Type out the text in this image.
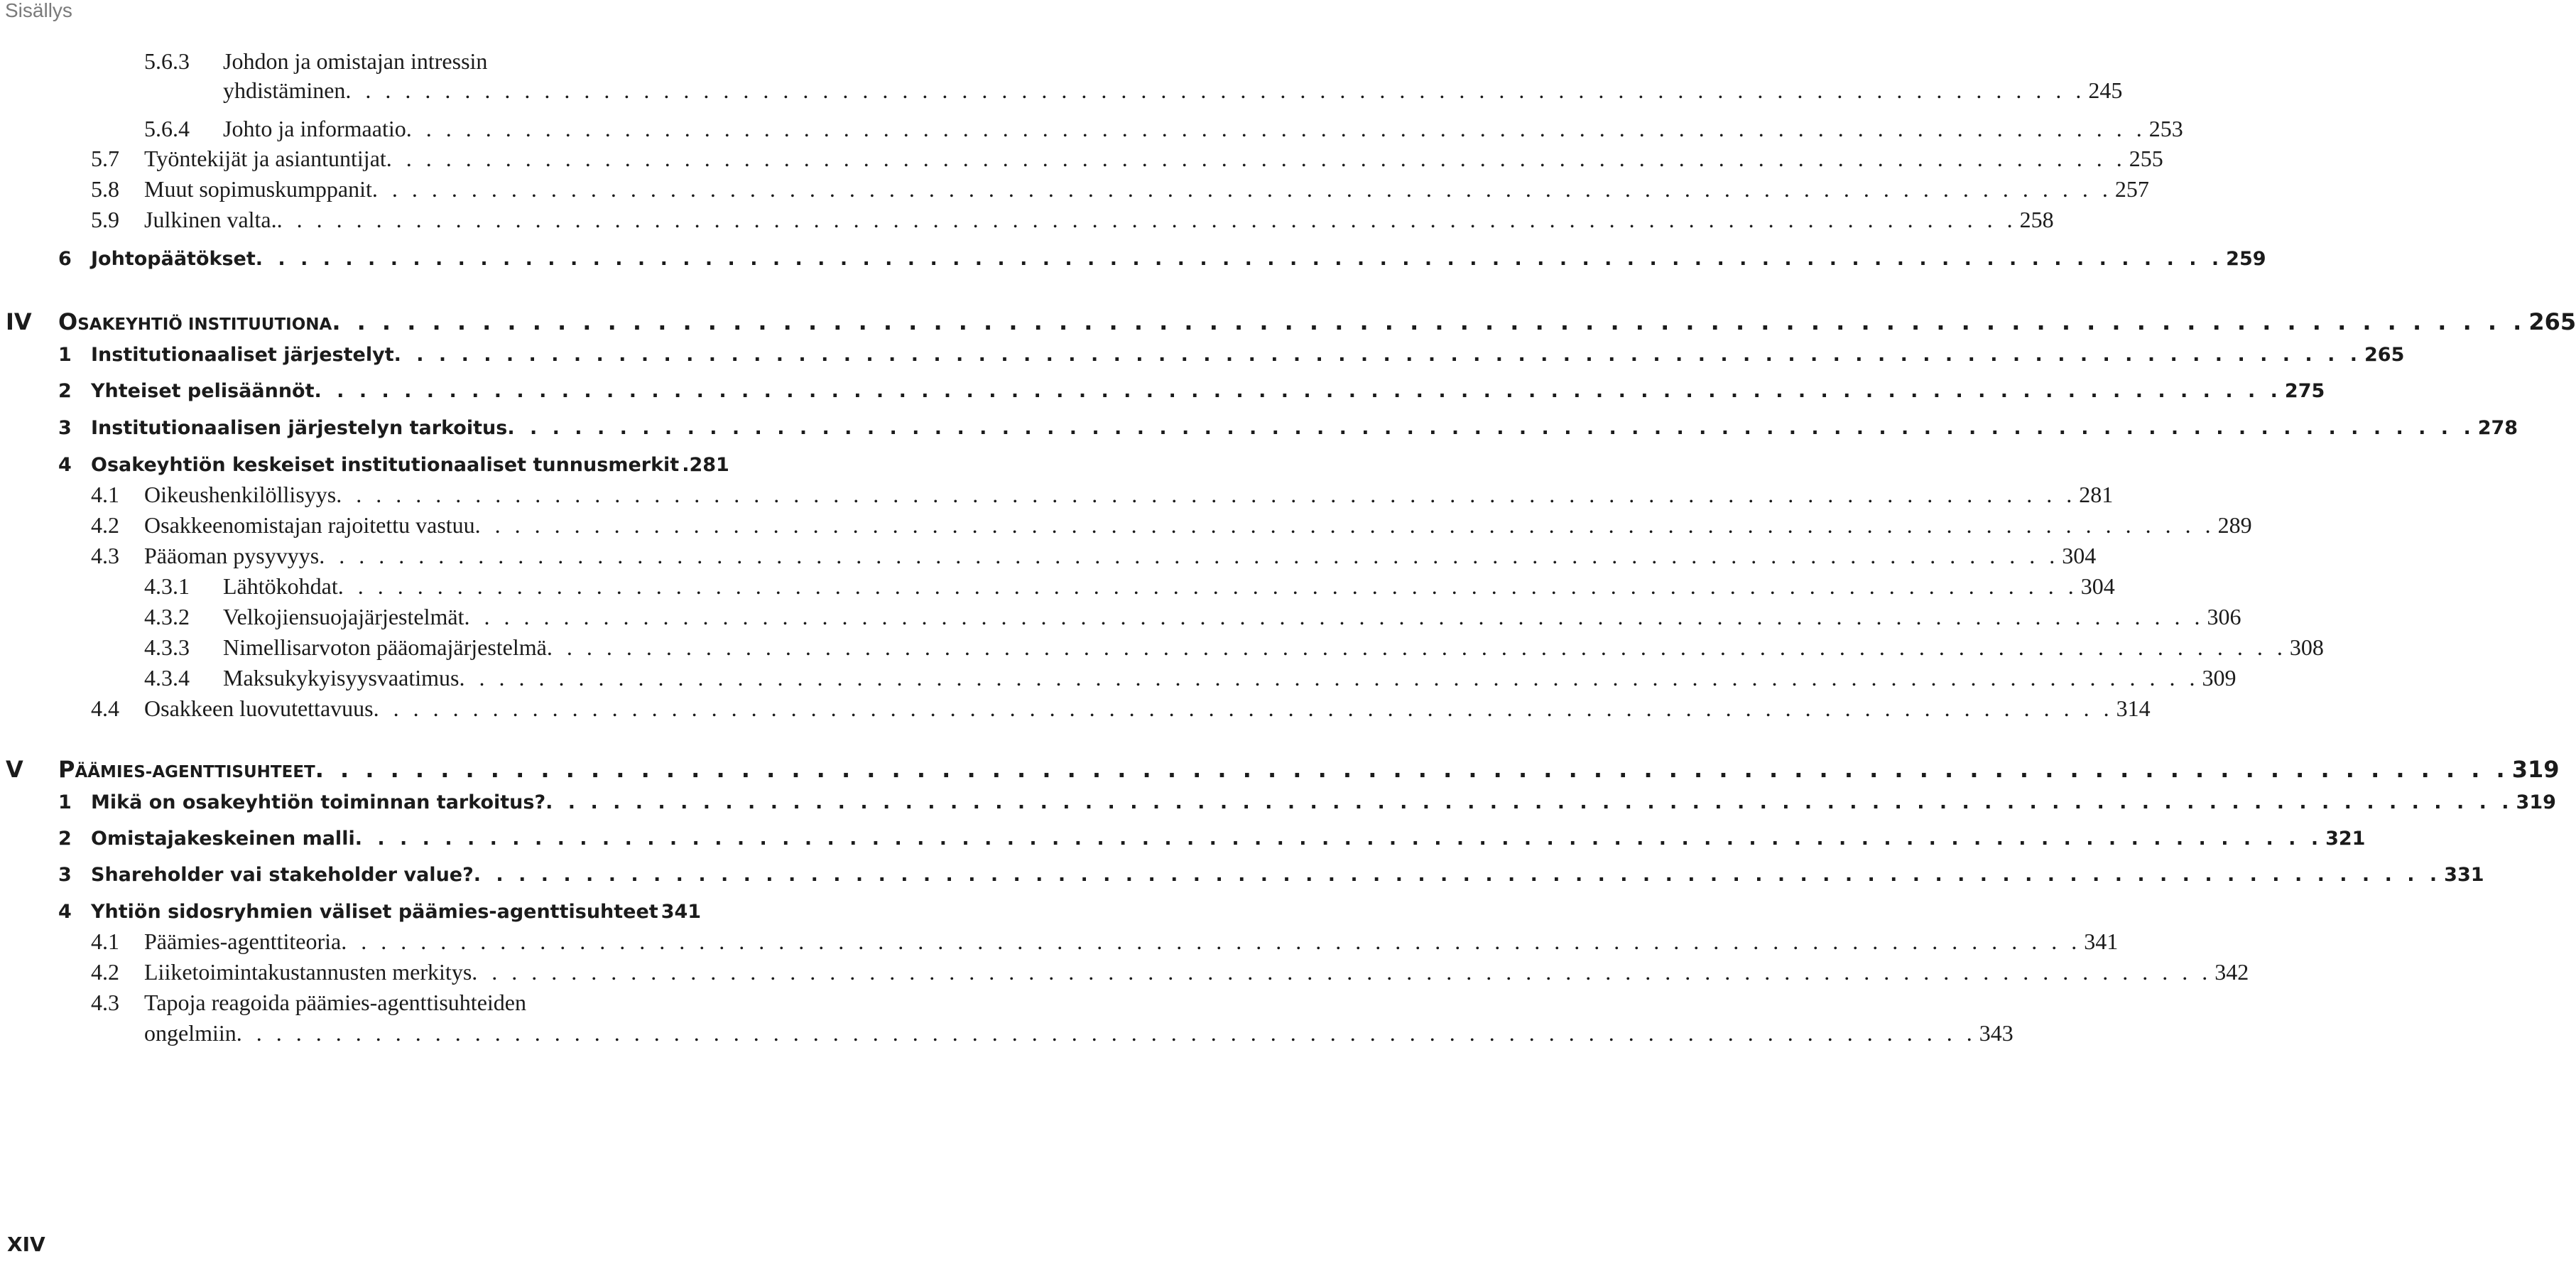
Sisällys
5.6.3 Johdon ja omistajan intressin
yhdistäminen . . .	245
5.6.4 Johto ja informaatio . . .	253
5.7 Työntekijät ja asiantuntijat . . .	255
5.8 Muut sopimuskumppanit . . .	257
5.9 Julkinen valta. . . .	258
6 Johtopäätökset . . .	259
IV OSAKEYHTIÖ INSTITUUTIONA . . .	265
1 Institutionaaliset järjestelyt . . .	265
2 Yhteiset pelisäännöt . . .	275
3 Institutionaalisen järjestelyn tarkoitus . . .	278
4 Osakeyhtiön keskeiset institutionaaliset tunnusmerkit .281
4.1 Oikeushenkilöllisyys . . .	281
4.2 Osakkeenomistajan rajoitettu vastuu . . .	289
4.3 Pääoman pysyvyys . . .	304
4.3.1 Lähtökohdat . . .	304
4.3.2 Velkojiensuojajärjestelmät . . .	306
4.3.3 Nimellisarvoton pääomajärjestelmä . . .	308
4.3.4 Maksukykyisyysvaatimus . . .	309
4.4 Osakkeen luovutettavuus . . .	314
V PÄÄMIES-AGENTTISUHTEET . . .	319
1 Mikä on osakeyhtiön toiminnan tarkoitus? . . .	319
2 Omistajakeskeinen malli . . .	321
3 Shareholder vai stakeholder value? . . .	331
4 Yhtiön sidosryhmien väliset päämies-agenttisuhteet 341
4.1 Päämies-agenttiteoria . . .	341
4.2 Liiketoimintakustannusten merkitys . . .	342
4.3 Tapoja reagoida päämies-agenttisuhteiden
ongelmiin . . .	343
XIV
